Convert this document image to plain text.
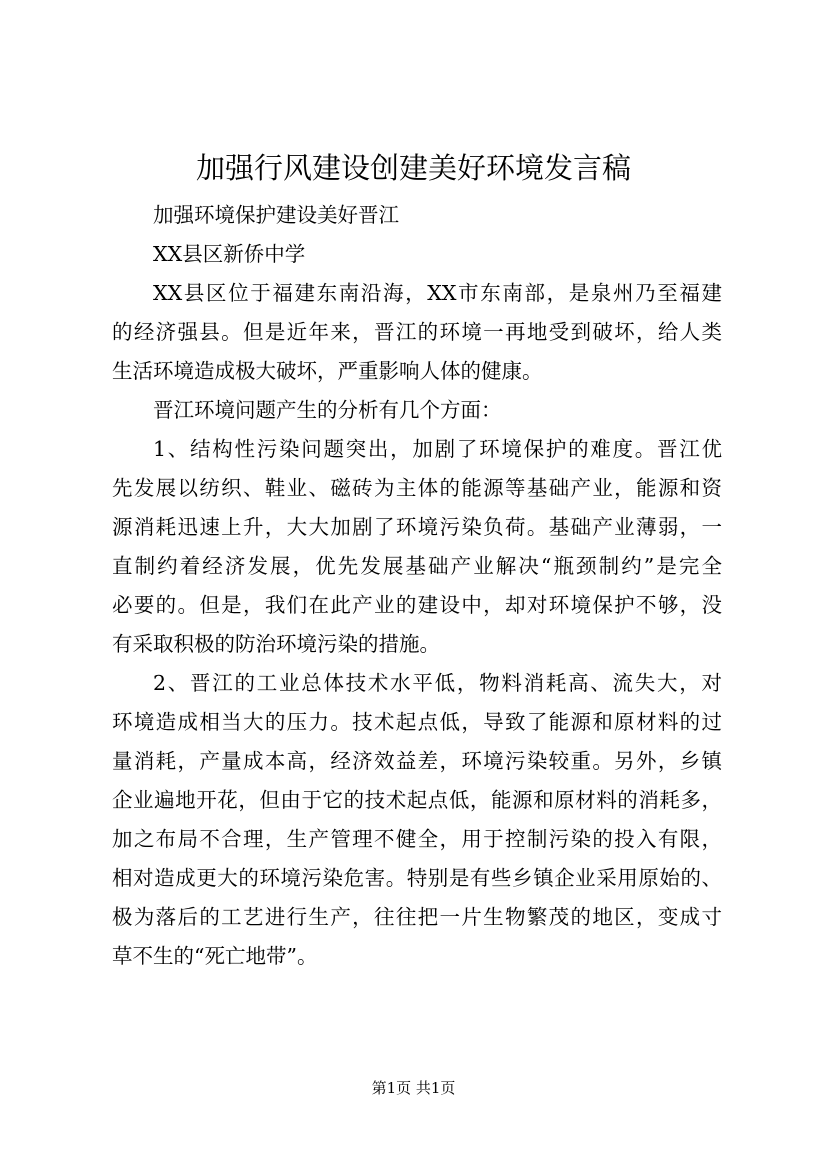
加强行风建设创建美好环境发言稿
加强环境保护建设美好晋江
XX县区新侨中学
XX县区位于福建东南沿海，XX市东南部，是泉州乃至福建
的经济强县。但是近年来，晋江的环境一再地受到破坏，给人类
生活环境造成极大破坏，严重影响人体的健康。
晋江环境问题产生的分析有几个方面：
1、结构性污染问题突出，加剧了环境保护的难度。晋江优
先发展以纺织、鞋业、磁砖为主体的能源等基础产业，能源和资
源消耗迅速上升，大大加剧了环境污染负荷。基础产业薄弱，一
直制约着经济发展，优先发展基础产业解决“瓶颈制约”是完全
必要的。但是，我们在此产业的建设中，却对环境保护不够，没
有采取积极的防治环境污染的措施。
2、晋江的工业总体技术水平低，物料消耗高、流失大，对
环境造成相当大的压力。技术起点低，导致了能源和原材料的过
量消耗，产量成本高，经济效益差，环境污染较重。另外，乡镇
企业遍地开花，但由于它的技术起点低，能源和原材料的消耗多，
加之布局不合理，生产管理不健全，用于控制污染的投入有限，
相对造成更大的环境污染危害。特别是有些乡镇企业采用原始的、
极为落后的工艺进行生产，往往把一片生物繁茂的地区，变成寸
草不生的“死亡地带”。
第1页 共1页
